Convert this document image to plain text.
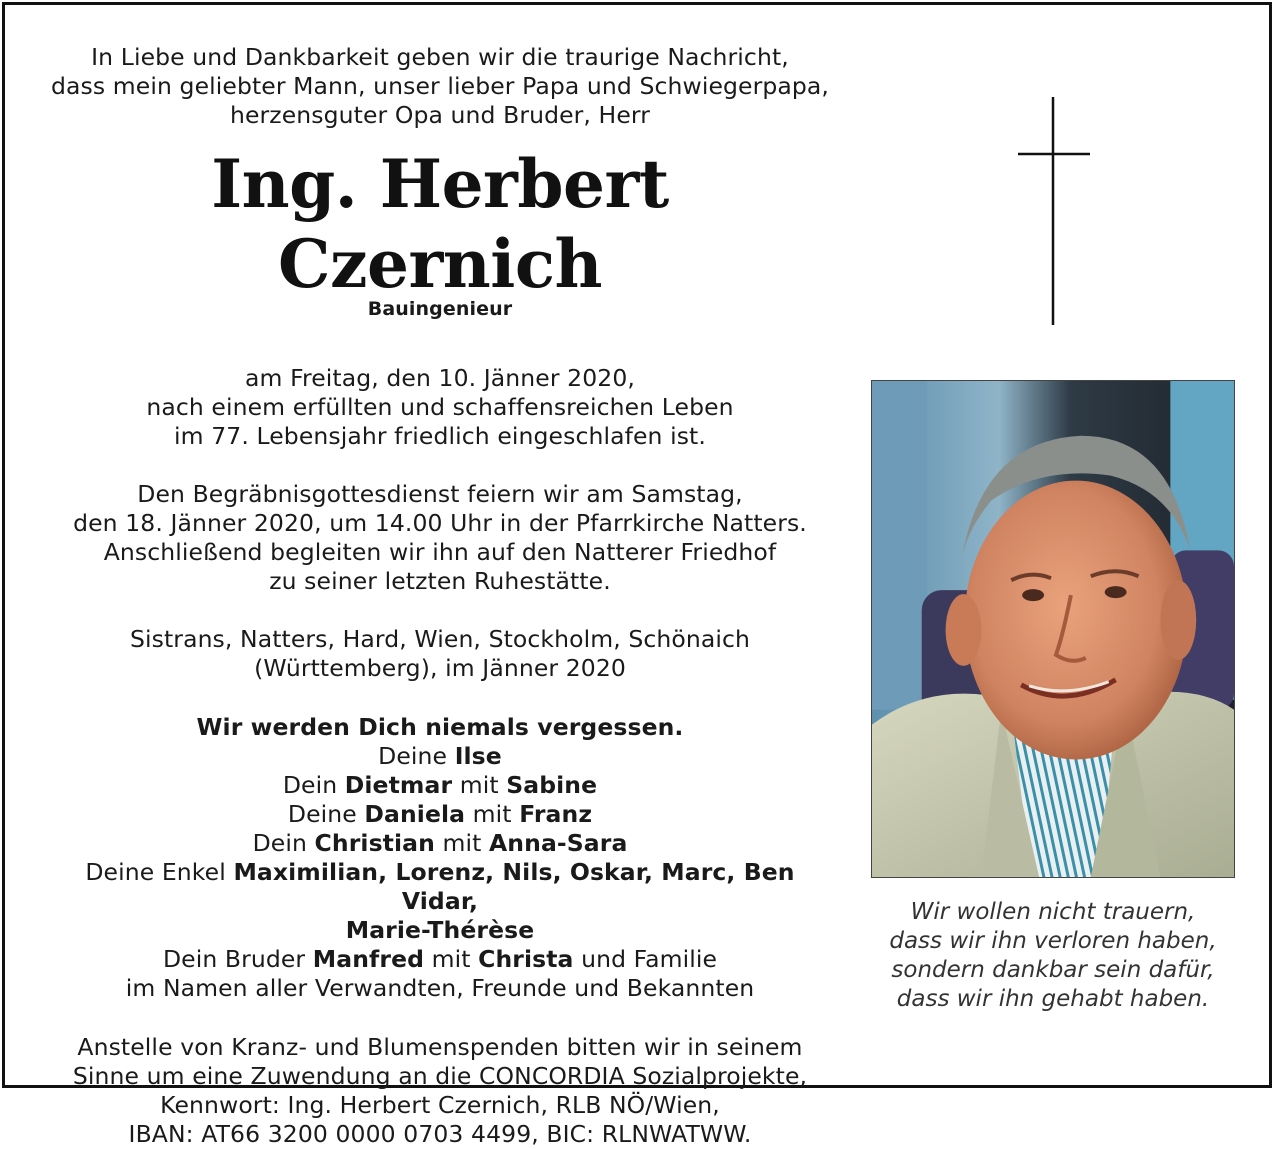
In Liebe und Dankbarkeit geben wir die traurige Nachricht,
dass mein geliebter Mann, unser lieber Papa und Schwiegerpapa,
herzensguter Opa und Bruder, Herr

Ing. Herbert Czernich

Bauingenieur

am Freitag, den 10. Jänner 2020,
nach einem erfüllten und schaffensreichen Leben
im 77. Lebensjahr friedlich eingeschlafen ist.

Den Begräbnisgottesdienst feiern wir am Samstag,
den 18. Jänner 2020, um 14.00 Uhr in der Pfarrkirche Natters.
Anschließend begleiten wir ihn auf den Natterer Friedhof
zu seiner letzten Ruhestätte.

Sistrans, Natters, Hard, Wien, Stockholm, Schönaich
(Württemberg), im Jänner 2020

Wir werden Dich niemals vergessen.

Deine Ilse
Dein Dietmar mit Sabine
Deine Daniela mit Franz
Dein Christian mit Anna-Sara
Deine Enkel Maximilian, Lorenz, Nils, Oskar, Marc, Ben Vidar,
Marie-Thérèse
Dein Bruder Manfred mit Christa und Familie
im Namen aller Verwandten, Freunde und Bekannten

Anstelle von Kranz- und Blumenspenden bitten wir in seinem
Sinne um eine Zuwendung an die CONCORDIA Sozialprojekte,
Kennwort: Ing. Herbert Czernich, RLB NÖ/Wien,
IBAN: AT66 3200 0000 0703 4499, BIC: RLNWATWW.

Wir wollen nicht trauern,
dass wir ihn verloren haben,
sondern dankbar sein dafür,
dass wir ihn gehabt haben.
